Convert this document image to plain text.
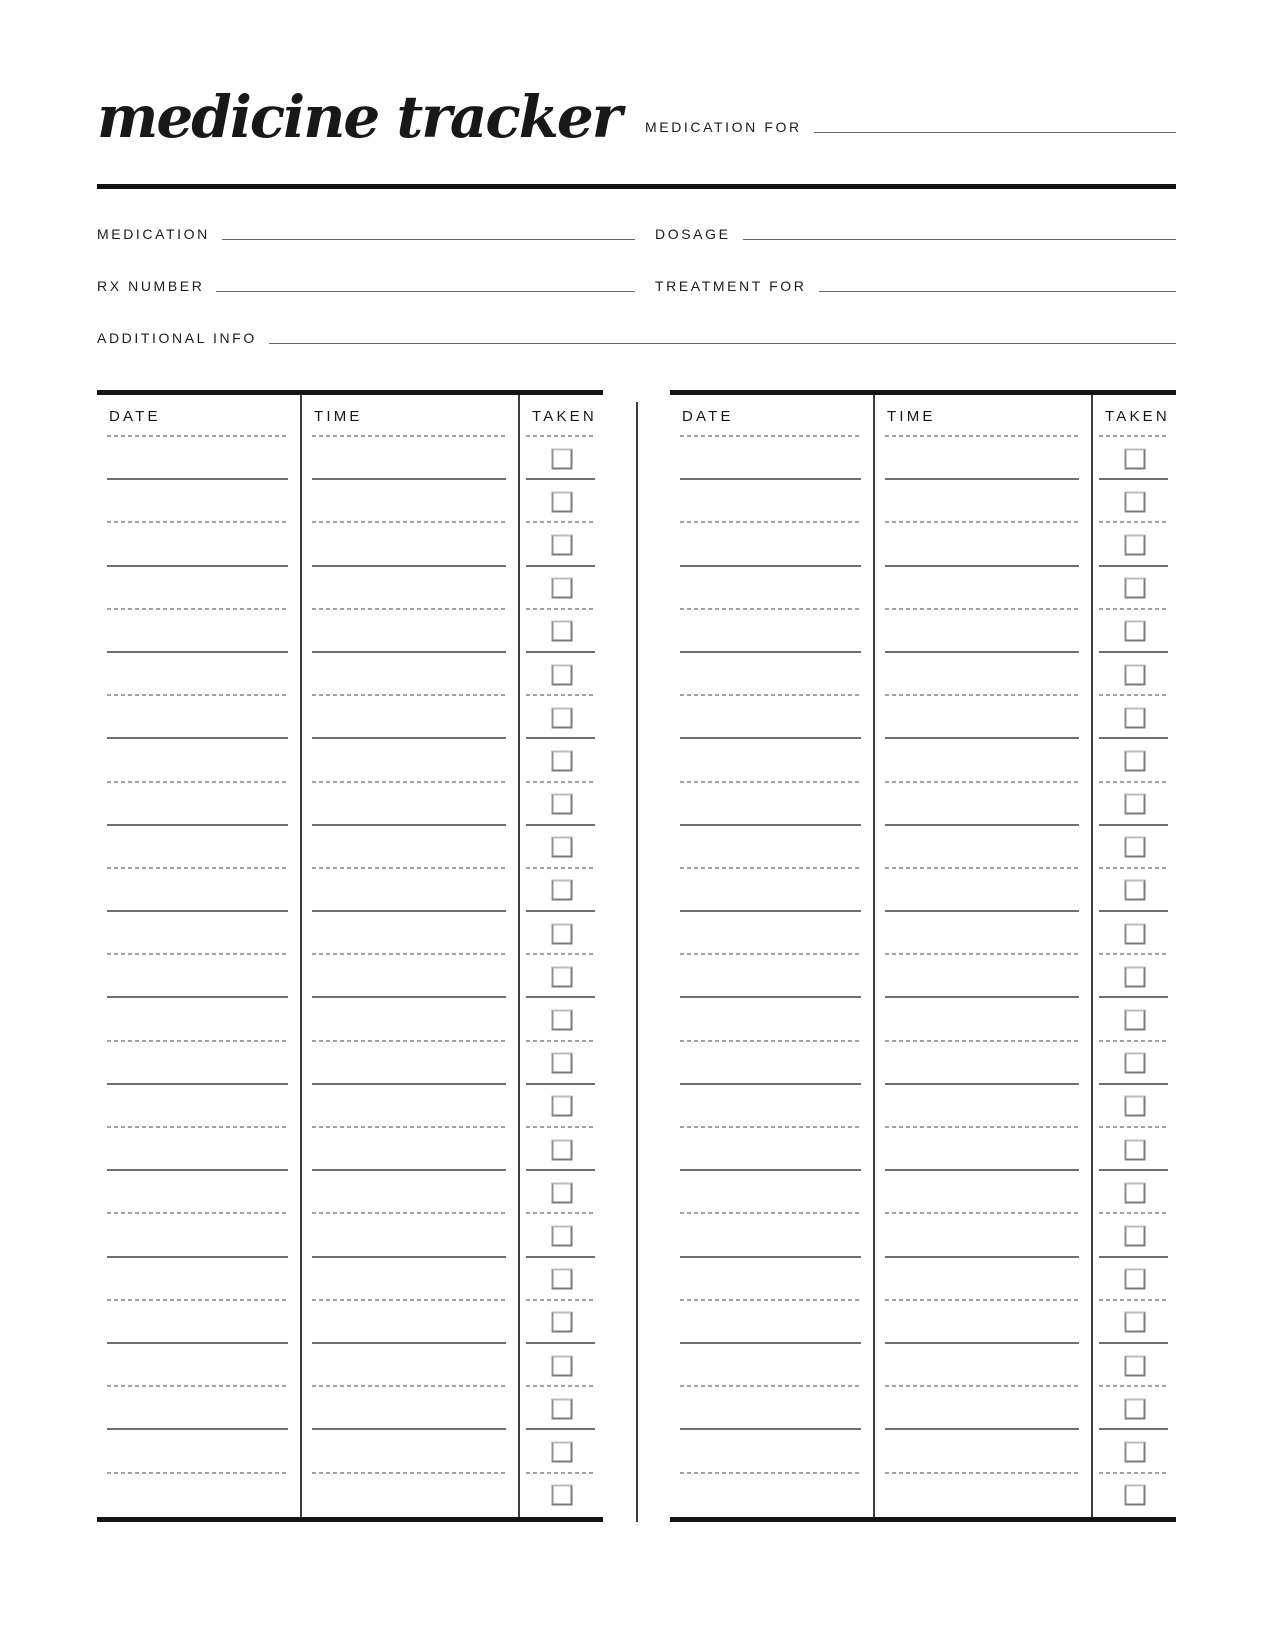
medicine tracker MEDICATION FOR
MEDICATION	DOSAGE
RX NUMBER	TREATMENT FOR
ADDITIONAL INFO
DATE	TIME	TAKEN	DATE	TIME	TAKEN
